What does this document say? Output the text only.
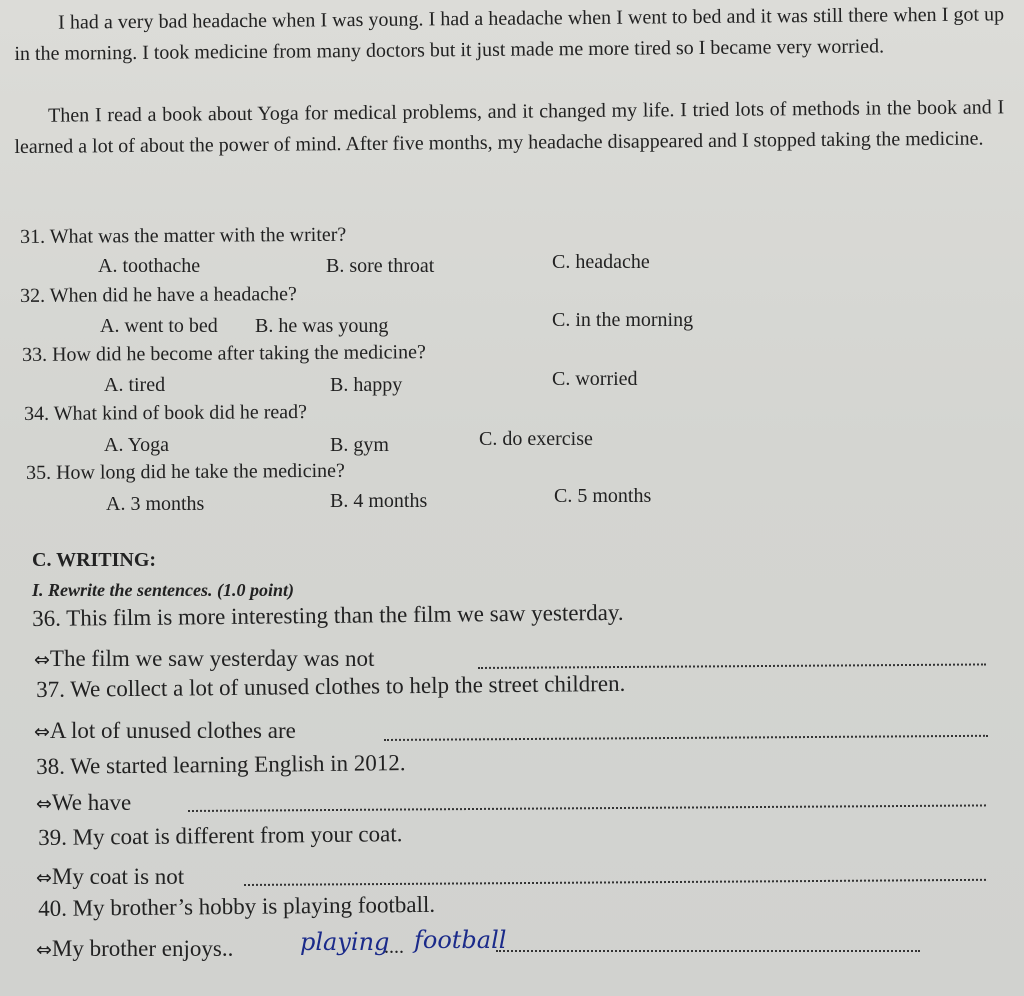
I had a very bad headache when I was young. I had a headache when I went to bed and it was still there when I got up in the morning. I took medicine from many doctors but it just made me more tired so I became very worried.
Then I read a book about Yoga for medical problems, and it changed my life. I tried lots of methods in the book and I learned a lot of about the power of mind. After five months, my headache disappeared and I stopped taking the medicine.
31. What was the matter with the writer?
A. toothache	B. sore throat	C. headache
32. When did he have a headache?
A. went to bed B. he was young	C. in the morning
33. How did he become after taking the medicine?
A. tired	B. happy	C. worried
34. What kind of book did he read?
A. Yoga	B. gym	C. do exercise
35. How long did he take the medicine?
A. 3 months	B. 4 months	C. 5 months
C. WRITING:
I. Rewrite the sentences. (1.0 point)
36. This film is more interesting than the film we saw yesterday.
⇔The film we saw yesterday was not
37. We collect a lot of unused clothes to help the street children.
⇔A lot of unused clothes are
38. We started learning English in 2012.
⇔We have
39. My coat is different from your coat.
⇔My coat is not
40. My brother’s hobby is playing football.
⇔My brother enjoys..	playing
.... football
